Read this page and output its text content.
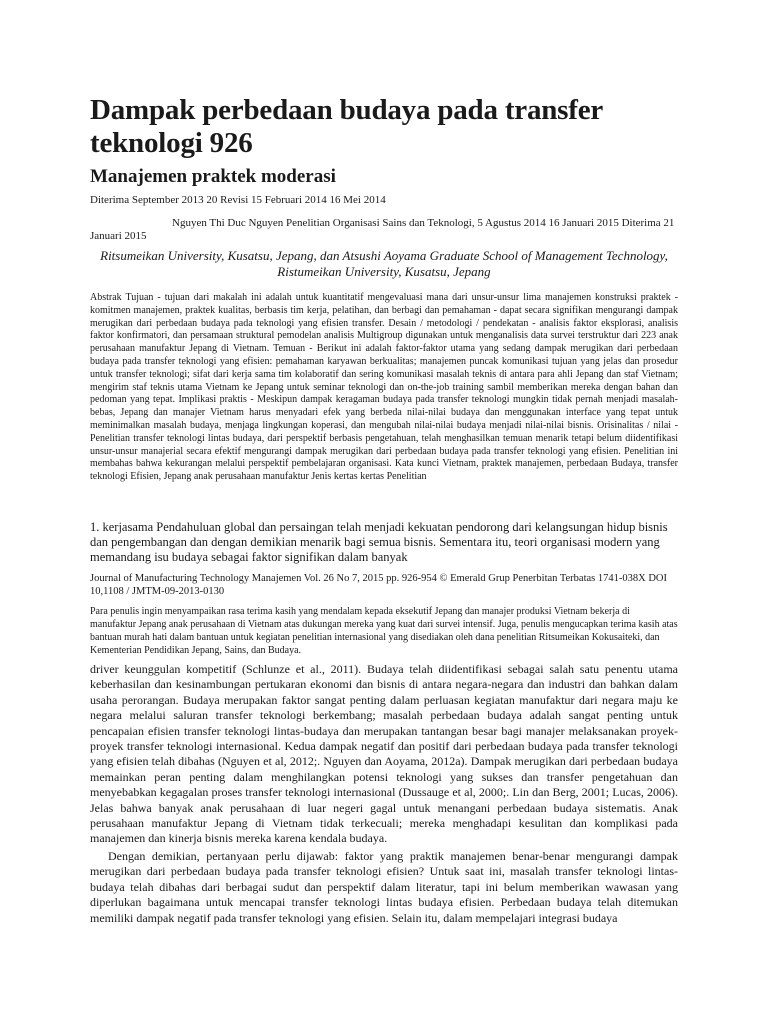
Dampak perbedaan budaya pada transfer teknologi 926
Manajemen praktek moderasi

Diterima September 2013 20 Revisi 15 Februari 2014 16 Mei 2014

Nguyen Thi Duc Nguyen Penelitian Organisasi Sains dan Teknologi, 5 Agustus 2014 16 Januari 2015 Diterima 21 Januari 2015

Ritsumeikan University, Kusatsu, Jepang, dan Atsushi Aoyama Graduate School of Management Technology, Ristumeikan University, Kusatsu, Jepang

Abstrak Tujuan - tujuan dari makalah ini adalah untuk kuantitatif mengevaluasi mana dari unsur-unsur lima manajemen konstruksi praktek - komitmen manajemen, praktek kualitas, berbasis tim kerja, pelatihan, dan berbagi dan pemahaman - dapat secara signifikan mengurangi dampak merugikan dari perbedaan budaya pada teknologi yang efisien transfer. Desain / metodologi / pendekatan - analisis faktor eksplorasi, analisis faktor konfirmatori, dan persamaan struktural pemodelan analisis Multigroup digunakan untuk menganalisis data survei terstruktur dari 223 anak perusahaan manufaktur Jepang di Vietnam. Temuan - Berikut ini adalah faktor-faktor utama yang sedang dampak merugikan dari perbedaan budaya pada transfer teknologi yang efisien: pemahaman karyawan berkualitas; manajemen puncak komunikasi tujuan yang jelas dan prosedur untuk transfer teknologi; sifat dari kerja sama tim kolaboratif dan sering komunikasi masalah teknis di antara para ahli Jepang dan staf Vietnam; mengirim staf teknis utama Vietnam ke Jepang untuk seminar teknologi dan on-the-job training sambil memberikan mereka dengan bahan dan pedoman yang tepat. Implikasi praktis - Meskipun dampak keragaman budaya pada transfer teknologi mungkin tidak pernah menjadi masalah-bebas, Jepang dan manajer Vietnam harus menyadari efek yang berbeda nilai-nilai budaya dan menggunakan interface yang tepat untuk meminimalkan masalah budaya, menjaga lingkungan koperasi, dan mengubah nilai-nilai budaya menjadi nilai-nilai bisnis. Orisinalitas / nilai - Penelitian transfer teknologi lintas budaya, dari perspektif berbasis pengetahuan, telah menghasilkan temuan menarik tetapi belum diidentifikasi unsur-unsur manajerial secara efektif mengurangi dampak merugikan dari perbedaan budaya pada transfer teknologi yang efisien. Penelitian ini membahas bahwa kekurangan melalui perspektif pembelajaran organisasi. Kata kunci Vietnam, praktek manajemen, perbedaan Budaya, transfer teknologi Efisien, Jepang anak perusahaan manufaktur Jenis kertas kertas Penelitian

1. kerjasama Pendahuluan global dan persaingan telah menjadi kekuatan pendorong dari kelangsungan hidup bisnis dan pengembangan dan dengan demikian menarik bagi semua bisnis. Sementara itu, teori organisasi modern yang memandang isu budaya sebagai faktor signifikan dalam banyak

Journal of Manufacturing Technology Manajemen Vol. 26 No 7, 2015 pp. 926-954 © Emerald Grup Penerbitan Terbatas 1741-038X DOI 10,1108 / JMTM-09-2013-0130

Para penulis ingin menyampaikan rasa terima kasih yang mendalam kepada eksekutif Jepang dan manajer produksi Vietnam bekerja di manufaktur Jepang anak perusahaan di Vietnam atas dukungan mereka yang kuat dari survei intensif. Juga, penulis mengucapkan terima kasih atas bantuan murah hati dalam bantuan untuk kegiatan penelitian internasional yang disediakan oleh dana penelitian Ritsumeikan Kokusaiteki, dan Kementerian Pendidikan Jepang, Sains, dan Budaya.

driver keunggulan kompetitif (Schlunze et al., 2011). Budaya telah diidentifikasi sebagai salah satu penentu utama keberhasilan dan kesinambungan pertukaran ekonomi dan bisnis di antara negara-negara dan industri dan bahkan dalam usaha perorangan. Budaya merupakan faktor sangat penting dalam perluasan kegiatan manufaktur dari negara maju ke negara melalui saluran transfer teknologi berkembang; masalah perbedaan budaya adalah sangat penting untuk pencapaian efisien transfer teknologi lintas-budaya dan merupakan tantangan besar bagi manajer melaksanakan proyek-proyek transfer teknologi internasional. Kedua dampak negatif dan positif dari perbedaan budaya pada transfer teknologi yang efisien telah dibahas (Nguyen et al, 2012;. Nguyen dan Aoyama, 2012a). Dampak merugikan dari perbedaan budaya memainkan peran penting dalam menghilangkan potensi teknologi yang sukses dan transfer pengetahuan dan menyebabkan kegagalan proses transfer teknologi internasional (Dussauge et al, 2000;. Lin dan Berg, 2001; Lucas, 2006). Jelas bahwa banyak anak perusahaan di luar negeri gagal untuk menangani perbedaan budaya sistematis. Anak perusahaan manufaktur Jepang di Vietnam tidak terkecuali; mereka menghadapi kesulitan dan komplikasi pada manajemen dan kinerja bisnis mereka karena kendala budaya.

Dengan demikian, pertanyaan perlu dijawab: faktor yang praktik manajemen benar-benar mengurangi dampak merugikan dari perbedaan budaya pada transfer teknologi efisien? Untuk saat ini, masalah transfer teknologi lintas-budaya telah dibahas dari berbagai sudut dan perspektif dalam literatur, tapi ini belum memberikan wawasan yang diperlukan bagaimana untuk mencapai transfer teknologi lintas budaya efisien. Perbedaan budaya telah ditemukan memiliki dampak negatif pada transfer teknologi yang efisien. Selain itu, dalam mempelajari integrasi budaya
